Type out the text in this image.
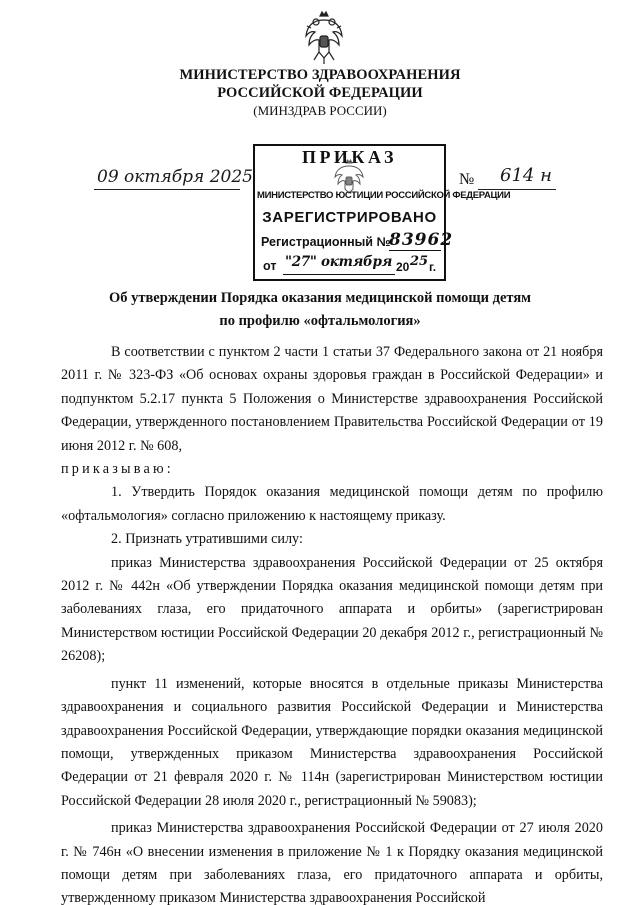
МИНИСТЕРСТВО ЗДРАВООХРАНЕНИЯ
РОССИЙСКОЙ ФЕДЕРАЦИИ
(МИНЗДРАВ РОССИИ)
09 октября 2025	№ 614 н
ПРИКАЗ
МИНИСТЕРСТВО ЮСТИЦИИ РОССИЙСКОЙ ФЕДЕРАЦИИ
ЗАРЕГИСТРИРОВАНО
Регистрационный №
83962
от "27" октября 20 25 г.
Об утверждении Порядка оказания медицинской помощи детям
по профилю «офтальмология»

В соответствии с пунктом 2 части 1 статьи 37 Федерального закона от 21 ноября 2011 г. № 323-ФЗ «Об основах охраны здоровья граждан в Российской Федерации» и подпунктом 5.2.17 пункта 5 Положения о Министерстве здравоохранения Российской Федерации, утвержденного постановлением Правительства Российской Федерации от 19 июня 2012 г. № 608,

приказываю:

1. Утвердить Порядок оказания медицинской помощи детям по профилю «офтальмология» согласно приложению к настоящему приказу.

2. Признать утратившими силу:

приказ Министерства здравоохранения Российской Федерации от 25 октября 2012 г. № 442н «Об утверждении Порядка оказания медицинской помощи детям при заболеваниях глаза, его придаточного аппарата и орбиты» (зарегистрирован Министерством юстиции Российской Федерации 20 декабря 2012 г., регистрационный № 26208);

пункт 11 изменений, которые вносятся в отдельные приказы Министерства здравоохранения и социального развития Российской Федерации и Министерства здравоохранения Российской Федерации, утверждающие порядки оказания медицинской помощи, утвержденных приказом Министерства здравоохранения Российской Федерации от 21 февраля 2020 г. № 114н (зарегистрирован Министерством юстиции Российской Федерации 28 июля 2020 г., регистрационный № 59083);

приказ Министерства здравоохранения Российской Федерации от 27 июля 2020 г. № 746н «О внесении изменения в приложение № 1 к Порядку оказания медицинской помощи детям при заболеваниях глаза, его придаточного аппарата и орбиты, утвержденному приказом Министерства здравоохранения Российской
